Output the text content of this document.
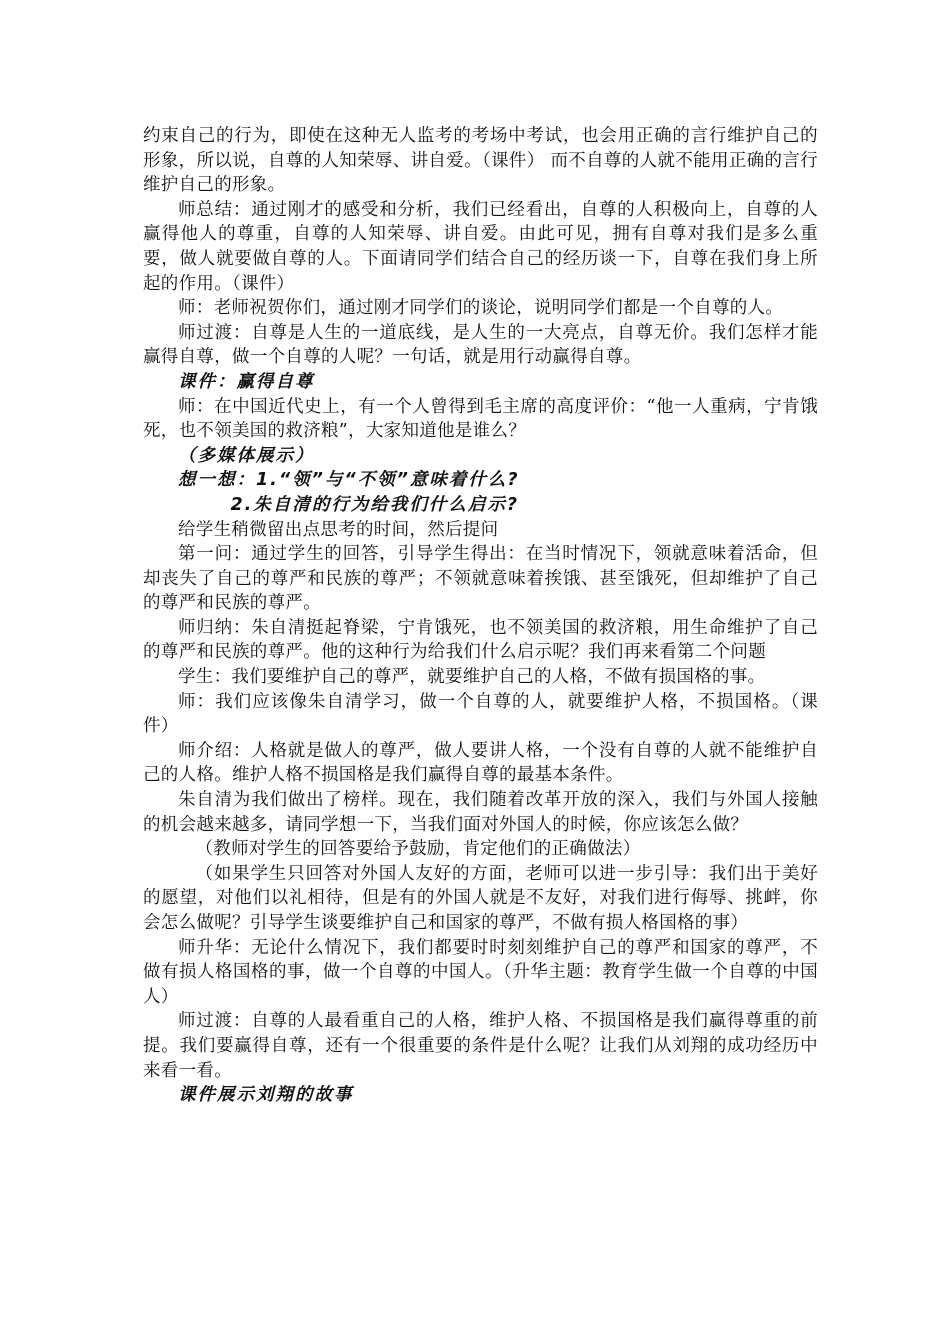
约束自己的行为，即使在这种无人监考的考场中考试，也会用正确的言行维护自己的形象，所以说，自尊的人知荣辱、讲自爱。（课件） 而不自尊的人就不能用正确的言行维护自己的形象。

师总结：通过刚才的感受和分析，我们已经看出，自尊的人积极向上，自尊的人赢得他人的尊重，自尊的人知荣辱、讲自爱。由此可见，拥有自尊对我们是多么重要，做人就要做自尊的人。下面请同学们结合自己的经历谈一下，自尊在我们身上所起的作用。（课件）

师：老师祝贺你们，通过刚才同学们的谈论，说明同学们都是一个自尊的人。

师过渡：自尊是人生的一道底线，是人生的一大亮点，自尊无价。我们怎样才能赢得自尊，做一个自尊的人呢？一句话，就是用行动赢得自尊。

课件：赢得自尊

师：在中国近代史上，有一个人曾得到毛主席的高度评价：“他一人重病，宁肯饿死，也不领美国的救济粮”，大家知道他是谁么？

（多媒体展示）

想一想：1.“领”与“不领”意味着什么?

2.朱自清的行为给我们什么启示?

给学生稍微留出点思考的时间，然后提问

第一问：通过学生的回答，引导学生得出：在当时情况下，领就意味着活命，但却丧失了自己的尊严和民族的尊严；不领就意味着挨饿、甚至饿死，但却维护了自己的尊严和民族的尊严。

师归纳：朱自清挺起脊梁，宁肯饿死，也不领美国的救济粮，用生命维护了自己的尊严和民族的尊严。他的这种行为给我们什么启示呢？我们再来看第二个问题

学生：我们要维护自己的尊严，就要维护自己的人格，不做有损国格的事。

师：我们应该像朱自清学习，做一个自尊的人，就要维护人格，不损国格。（课件）

师介绍：人格就是做人的尊严，做人要讲人格，一个没有自尊的人就不能维护自己的人格。维护人格不损国格是我们赢得自尊的最基本条件。

朱自清为我们做出了榜样。现在，我们随着改革开放的深入，我们与外国人接触的机会越来越多，请同学想一下，当我们面对外国人的时候，你应该怎么做？

（教师对学生的回答要给予鼓励，肯定他们的正确做法）

（如果学生只回答对外国人友好的方面，老师可以进一步引导：我们出于美好的愿望，对他们以礼相待，但是有的外国人就是不友好，对我们进行侮辱、挑衅，你会怎么做呢？引导学生谈要维护自己和国家的尊严，不做有损人格国格的事）

师升华：无论什么情况下，我们都要时时刻刻维护自己的尊严和国家的尊严，不做有损人格国格的事，做一个自尊的中国人。（升华主题：教育学生做一个自尊的中国人）

师过渡：自尊的人最看重自己的人格，维护人格、不损国格是我们赢得尊重的前提。我们要赢得自尊，还有一个很重要的条件是什么呢？让我们从刘翔的成功经历中来看一看。

课件展示刘翔的故事
